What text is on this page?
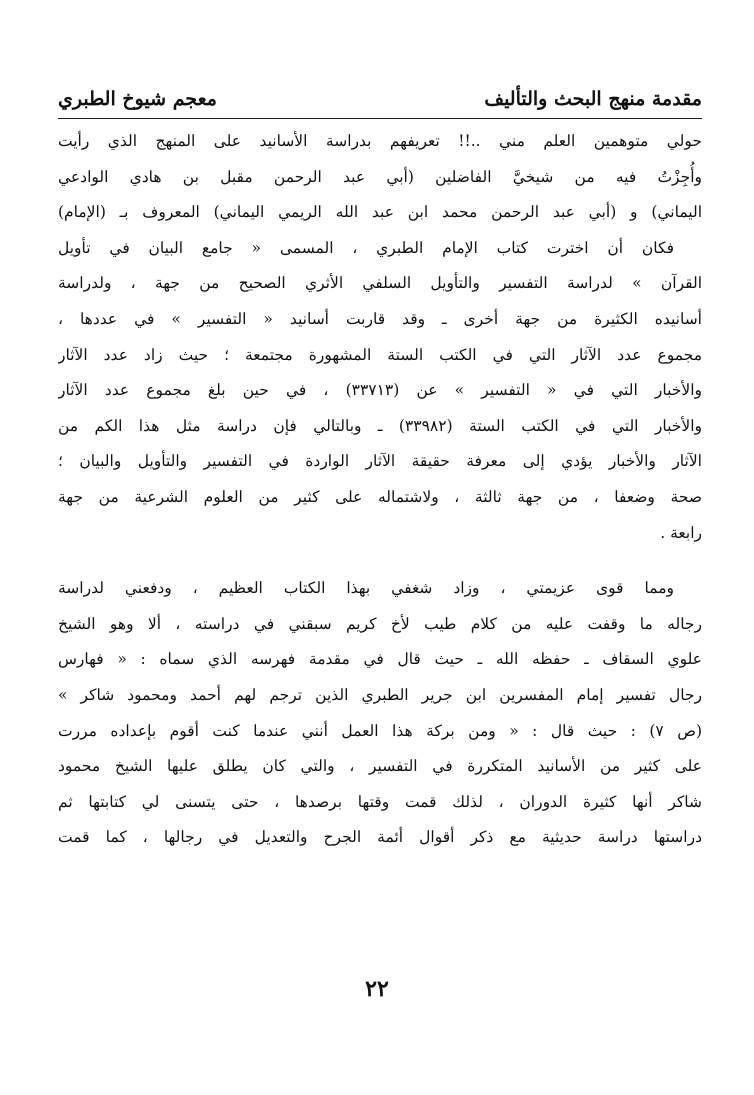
مقدمة منهج البحث والتأليف
معجم شيوخ الطبري
حولي متوهمين العلم مني ..!! تعريفهم بدراسة الأسانيد على المنهج الذي رأيت
وأُجِزْتُ فيه من شيخيَّ الفاضلين (أبي عبد الرحمن مقبل بن هادي الوادعي
اليماني) و (أبي عبد الرحمن محمد ابن عبد الله الريمي اليماني) المعروف بـ (الإمام)
فكان أن اخترت كتاب الإمام الطبري ، المسمى « جامع البيان في تأويل
القرآن » لدراسة التفسير والتأويل السلفي الأثري الصحيح من جهة ، ولدراسة
أسانيده الكثيرة من جهة أخرى ـ وقد قاربت أسانيد « التفسير » في عددها ،
مجموع عدد الآثار التي في الكتب الستة المشهورة مجتمعة ؛ حيث زاد عدد الآثار
والأخبار التي في « التفسير » عن (٣٣٧١٣) ، في حين بلغ مجموع عدد الآثار
والأخبار التي في الكتب الستة (٣٣٩٨٢) ـ وبالتالي فإن دراسة مثل هذا الكم من
الآثار والأخبار يؤدي إلى معرفة حقيقة الآثار الواردة في التفسير والتأويل والبيان ؛
صحة وضعفا ، من جهة ثالثة ، ولاشتماله على كثير من العلوم الشرعية من جهة
رابعة .
ومما قوى عزيمتي ، وزاد شغفي بهذا الكتاب العظيم ، ودفعني لدراسة
رجاله ما وقفت عليه من كلام طيب لأخ كريم سبقني في دراسته ، ألا وهو الشيخ
علوي السقاف ـ حفظه الله ـ حيث قال في مقدمة فهرسه الذي سماه : « فهارس
رجال تفسير إمام المفسرين ابن جرير الطبري الذين ترجم لهم أحمد ومحمود شاكر »
(ص ٧) : حيث قال : « ومن بركة هذا العمل أنني عندما كنت أقوم بإعداده مررت
على كثير من الأسانيد المتكررة في التفسير ، والتي كان يطلق عليها الشيخ محمود
شاكر أنها كثيرة الدوران ، لذلك قمت وقتها برصدها ، حتى يتسنى لي كتابتها ثم
دراستها دراسة حديثية مع ذكر أقوال أئمة الجرح والتعديل في رجالها ، كما قمت
٢٢
